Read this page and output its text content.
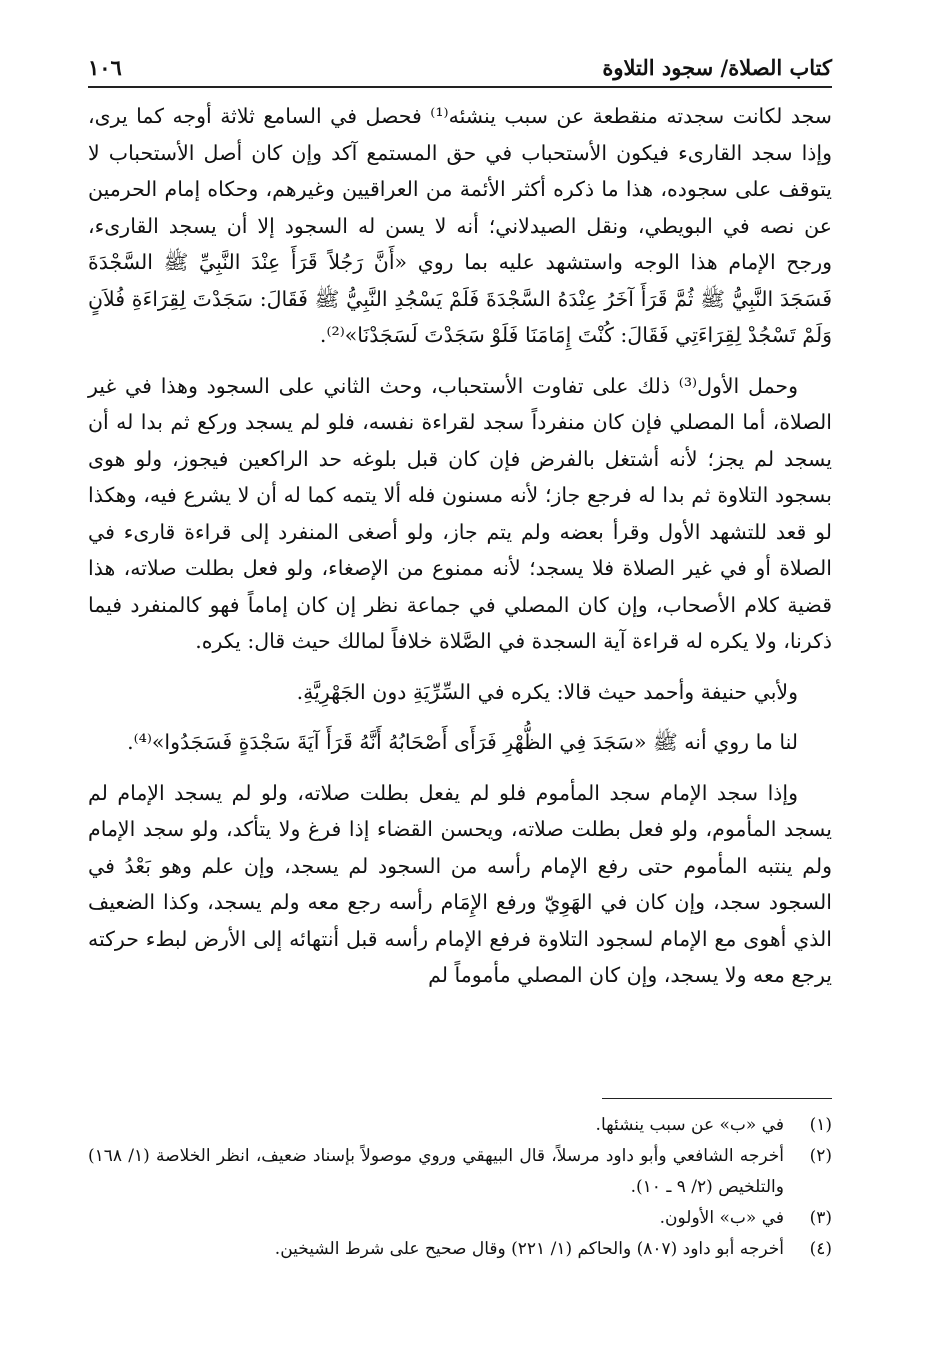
كتاب الصلاة/ سجود التلاوة
١٠٦

سجد لكانت سجدته منقطعة عن سبب ينشئه⁽¹⁾ فحصل في السامع ثلاثة أوجه كما يرى، وإذا سجد القارىء فيكون الأستحباب في حق المستمع آكد وإن كان أصل الأستحباب لا يتوقف على سجوده، هذا ما ذكره أكثر الأئمة من العراقيين وغيرهم، وحكاه إمام الحرمين عن نصه في البويطي، ونقل الصيدلاني؛ أنه لا يسن له السجود إلا أن يسجد القارىء، ورجح الإمام هذا الوجه واستشهد عليه بما روي «أَنَّ رَجُلاً قَرَأَ عِنْدَ النَّبِيِّ ﷺ السَّجْدَةَ فَسَجَدَ النَّبِيُّ ﷺ ثُمَّ قَرَأَ آخَرُ عِنْدَهُ السَّجْدَةَ فَلَمْ يَسْجُدِ النَّبِيُّ ﷺ فَقَالَ: سَجَدْتَ لِقِرَاءَةِ فُلاَنٍ وَلَمْ تَسْجُدْ لِقِرَاءَتِي فَقَالَ: كُنْتَ إِمَامَنَا فَلَوْ سَجَدْتَ لَسَجَدْنَا»⁽²⁾.

وحمل الأول⁽³⁾ ذلك على تفاوت الأستحباب، وحث الثاني على السجود وهذا في غير الصلاة، أما المصلي فإن كان منفرداً سجد لقراءة نفسه، فلو لم يسجد وركع ثم بدا له أن يسجد لم يجز؛ لأنه أشتغل بالفرض فإن كان قبل بلوغه حد الراكعين فيجوز، ولو هوى بسجود التلاوة ثم بدا له فرجع جاز؛ لأنه مسنون فله ألا يتمه كما له أن لا يشرع فيه، وهكذا لو قعد للتشهد الأول وقرأ بعضه ولم يتم جاز، ولو أصغى المنفرد إلى قراءة قارىء في الصلاة أو في غير الصلاة فلا يسجد؛ لأنه ممنوع من الإصغاء، ولو فعل بطلت صلاته، هذا قضية كلام الأصحاب، وإن كان المصلي في جماعة نظر إن كان إماماً فهو كالمنفرد فيما ذكرنا، ولا يكره له قراءة آية السجدة في الصَّلاة خلافاً لمالك حيث قال: يكره.

ولأبي حنيفة وأحمد حيث قالا: يكره في السِّرِّيَةِ دون الجَهْرِيَّةِ.

لنا ما روي أنه ﷺ «سَجَدَ فِي الظُّهْرِ فَرَأَى أَصْحَابُهُ أَنَّهُ قَرَأَ آيَةَ سَجْدَةٍ فَسَجَدُوا»⁽⁴⁾.

وإذا سجد الإمام سجد المأموم فلو لم يفعل بطلت صلاته، ولو لم يسجد الإمام لم يسجد المأموم، ولو فعل بطلت صلاته، ويحسن القضاء إذا فرغ ولا يتأكد، ولو سجد الإمام ولم ينتبه المأموم حتى رفع الإمام رأسه من السجود لم يسجد، وإن علم وهو بَعْدُ في السجود سجد، وإن كان في الهَوِيّ ورفع الإِمَام رأسه رجع معه ولم يسجد، وكذا الضعيف الذي أهوى مع الإمام لسجود التلاوة فرفع الإمام رأسه قبل أنتهائه إلى الأرض لبطء حركته يرجع معه ولا يسجد، وإن كان المصلي مأموماً لم

(١)
في «ب» عن سبب ينشئها.
(٢)
أخرجه الشافعي وأبو داود مرسلاً، قال البيهقي وروي موصولاً بإسناد ضعيف، انظر الخلاصة (١/ ١٦٨) والتلخيص (٢/ ٩ ـ ١٠).
(٣)
في «ب» الأولون.
(٤)
أخرجه أبو داود (٨٠٧) والحاكم (١/ ٢٢١) وقال صحيح على شرط الشيخين.
